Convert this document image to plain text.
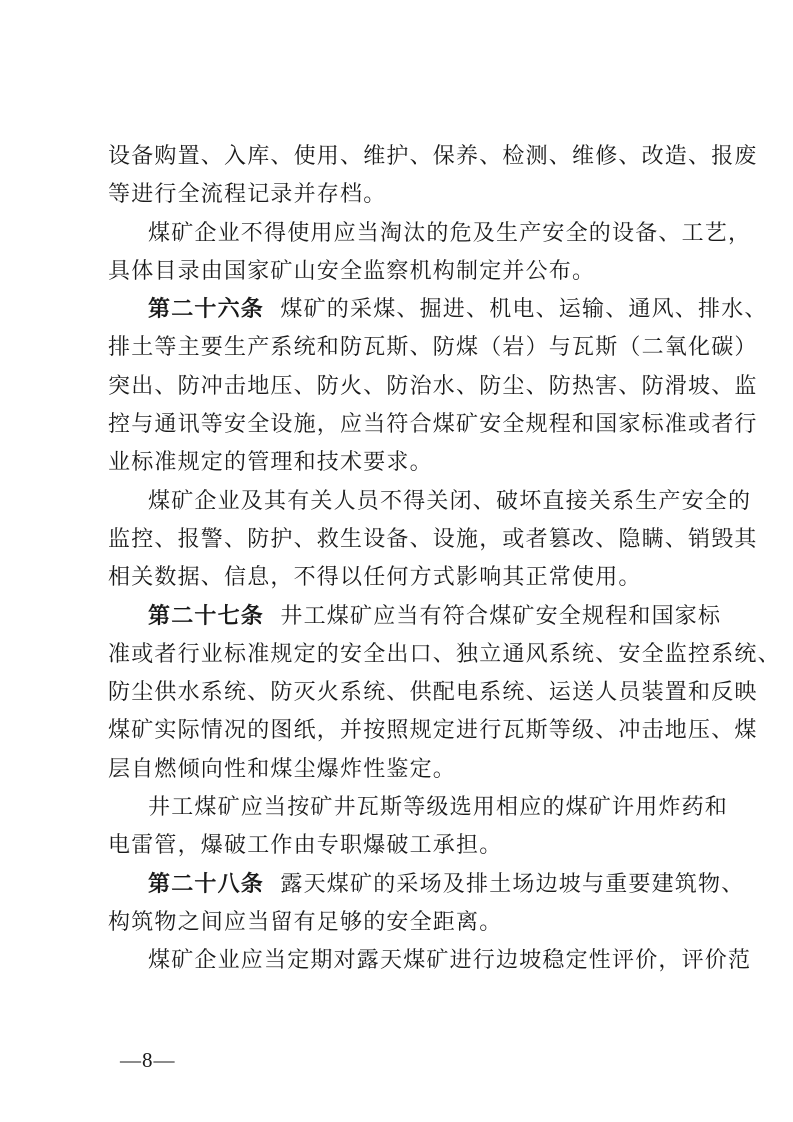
设备购置、入库、使用、维护、保养、检测、维修、改造、报废
等进行全流程记录并存档。
煤矿企业不得使用应当淘汰的危及生产安全的设备、工艺，
具体目录由国家矿山安全监察机构制定并公布。
第二十六条 煤矿的采煤、掘进、机电、运输、通风、排水、
排土等主要生产系统和防瓦斯、防煤（岩）与瓦斯（二氧化碳）
突出、防冲击地压、防火、防治水、防尘、防热害、防滑坡、监
控与通讯等安全设施，应当符合煤矿安全规程和国家标准或者行
业标准规定的管理和技术要求。
煤矿企业及其有关人员不得关闭、破坏直接关系生产安全的
监控、报警、防护、救生设备、设施，或者篡改、隐瞒、销毁其
相关数据、信息，不得以任何方式影响其正常使用。
第二十七条 井工煤矿应当有符合煤矿安全规程和国家标
准或者行业标准规定的安全出口、独立通风系统、安全监控系统、
防尘供水系统、防灭火系统、供配电系统、运送人员装置和反映
煤矿实际情况的图纸，并按照规定进行瓦斯等级、冲击地压、煤
层自燃倾向性和煤尘爆炸性鉴定。
井工煤矿应当按矿井瓦斯等级选用相应的煤矿许用炸药和
电雷管，爆破工作由专职爆破工承担。
第二十八条 露天煤矿的采场及排土场边坡与重要建筑物、
构筑物之间应当留有足够的安全距离。
煤矿企业应当定期对露天煤矿进行边坡稳定性评价，评价范
—8—
